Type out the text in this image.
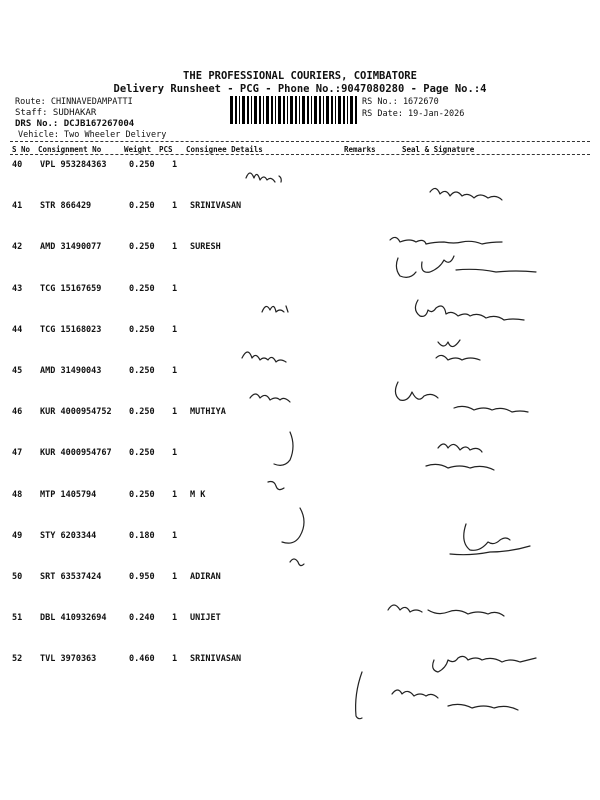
THE PROFESSIONAL COURIERS, COIMBATORE
Delivery Runsheet - PCG - Phone No.:9047080280 - Page No.:4
Route: CHINNAVEDAMPATTI
Staff: SUDHAKAR
DRS No.: DCJB167267004
Vehicle: Two Wheeler Delivery
RS No.: 1672670
RS Date: 19-Jan-2026
S No Consignment No	Weight PCS Consignee Details	Remarks	Seal & Signature
40 VPL 953284363	0.250 1
41 STR 866429	0.250 1 SRINIVASAN
42 AMD 31490077	0.250 1 SURESH
43 TCG 15167659	0.250 1
44 TCG 15168023	0.250 1
45 AMD 31490043	0.250 1
46 KUR 4000954752 0.250 1 MUTHIYA
47 KUR 4000954767 0.250 1
48 MTP 1405794	0.250 1 M K
49 STY 6203344	0.180 1
50 SRT 63537424	0.950 1 ADIRAN
51 DBL 410932694	0.240 1 UNIJET
52 TVL 3970363	0.460 1 SRINIVASAN
